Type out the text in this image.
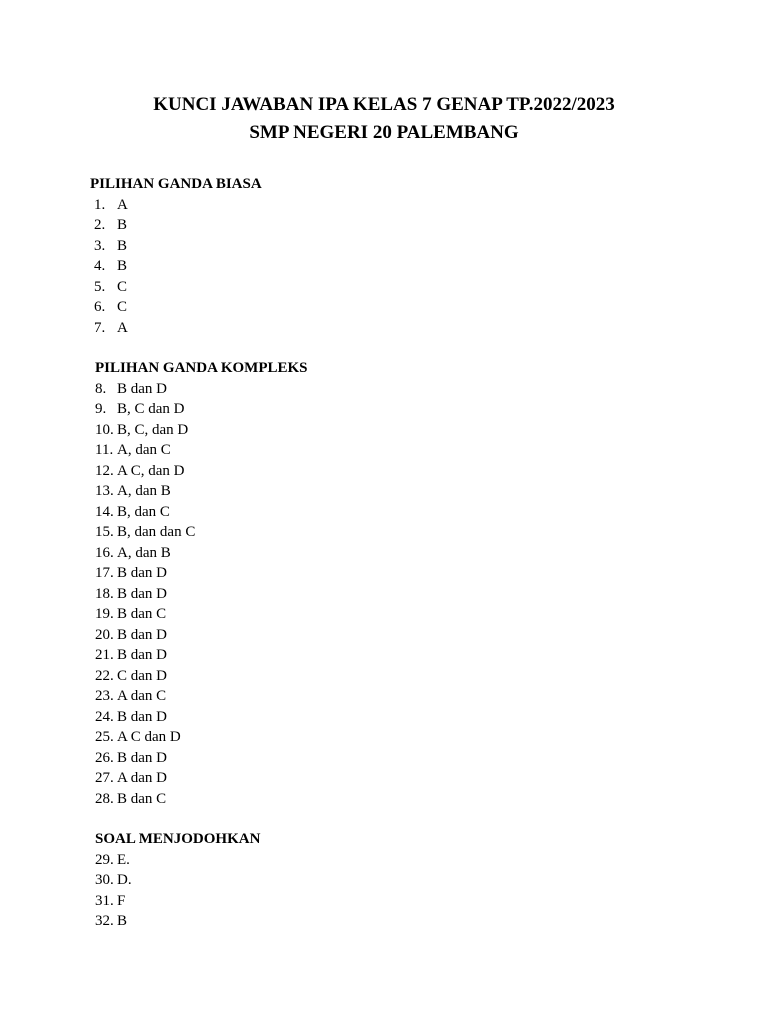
KUNCI JAWABAN IPA KELAS 7 GENAP TP.2022/2023
SMP NEGERI 20 PALEMBANG
PILIHAN GANDA BIASA
1. A
2. B
3. B
4. B
5. C
6. C
7. A
PILIHAN GANDA KOMPLEKS
8. B dan D
9. B, C dan D
10. B, C, dan D
11. A, dan C
12. A C, dan D
13. A, dan B
14. B, dan C
15. B, dan dan C
16. A, dan B
17. B dan D
18. B dan D
19. B dan C
20. B dan D
21. B dan D
22. C dan D
23. A dan C
24. B dan D
25. A C dan D
26. B dan D
27. A dan D
28. B dan C
SOAL MENJODOHKAN
29. E.
30. D.
31. F
32. B
